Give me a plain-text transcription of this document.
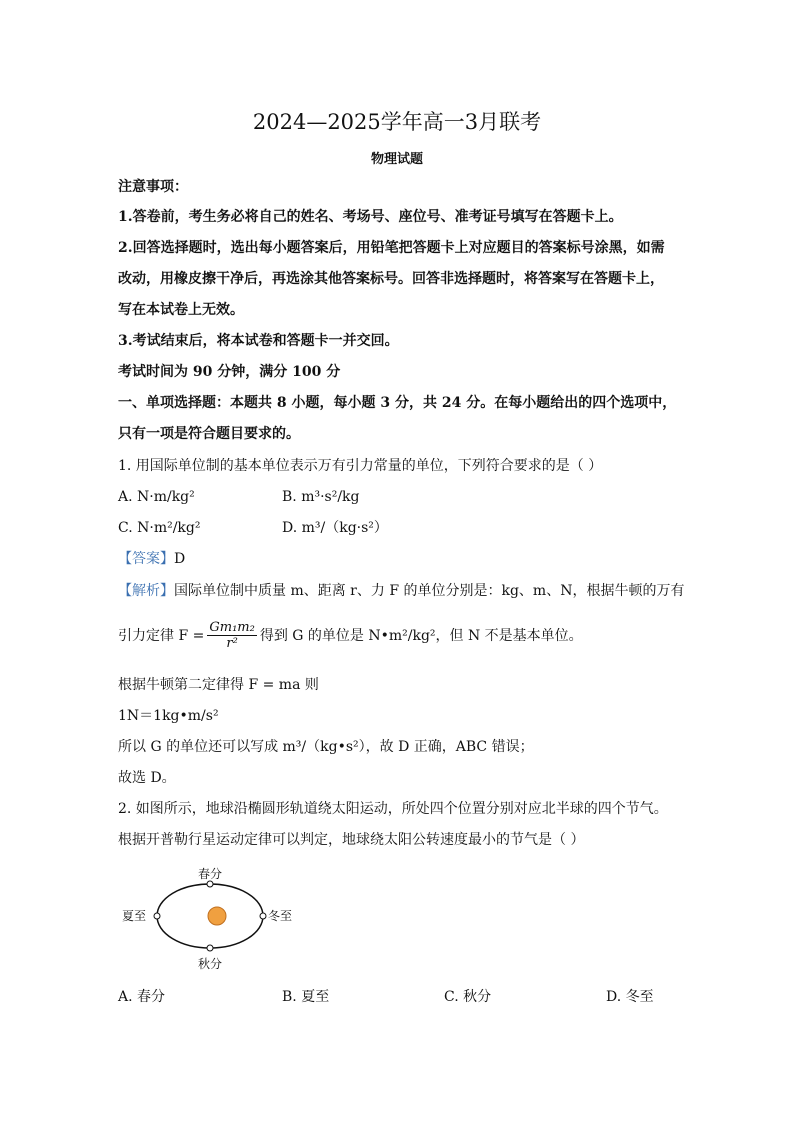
2024—2025学年高一3月联考
物理试题
注意事项：
1.答卷前，考生务必将自己的姓名、考场号、座位号、准考证号填写在答题卡上。
2.回答选择题时，选出每小题答案后，用铅笔把答题卡上对应题目的答案标号涂黑，如需
改动，用橡皮擦干净后，再选涂其他答案标号。回答非选择题时，将答案写在答题卡上，
写在本试卷上无效。
3.考试结束后，将本试卷和答题卡一并交回。
考试时间为 90 分钟，满分 100 分
一、单项选择题：本题共 8 小题，每小题 3 分，共 24 分。在每小题给出的四个选项中，
只有一项是符合题目要求的。
1. 用国际单位制的基本单位表示万有引力常量的单位，下列符合要求的是（ ）
A. N·m/kg²	B. m³·s²/kg
C. N·m²/kg²	D. m³/（kg·s²）
【答案】D
【解析】国际单位制中质量 m、距离 r、力 F 的单位分别是：kg、m、N，根据牛顿的万有
引力定律 $F = \frac{\text{Gm₁m₂}}{\text{r²}}$ 得到 G 的单位是 N•m²/kg²，但 N 不是基本单位。
根据牛顿第二定律得 F = ma 则
1N＝1kg•m/s²
所以 G 的单位还可以写成 m³/（kg•s²），故 D 正确，ABC 错误；
故选 D。
2. 如图所示，地球沿椭圆形轨道绕太阳运动，所处四个位置分别对应北半球的四个节气。
根据开普勒行星运动定律可以判定，地球绕太阳公转速度最小的节气是（ ）
春分
夏至	冬至
秋分
A. 春分	B. 夏至	C. 秋分	D. 冬至
